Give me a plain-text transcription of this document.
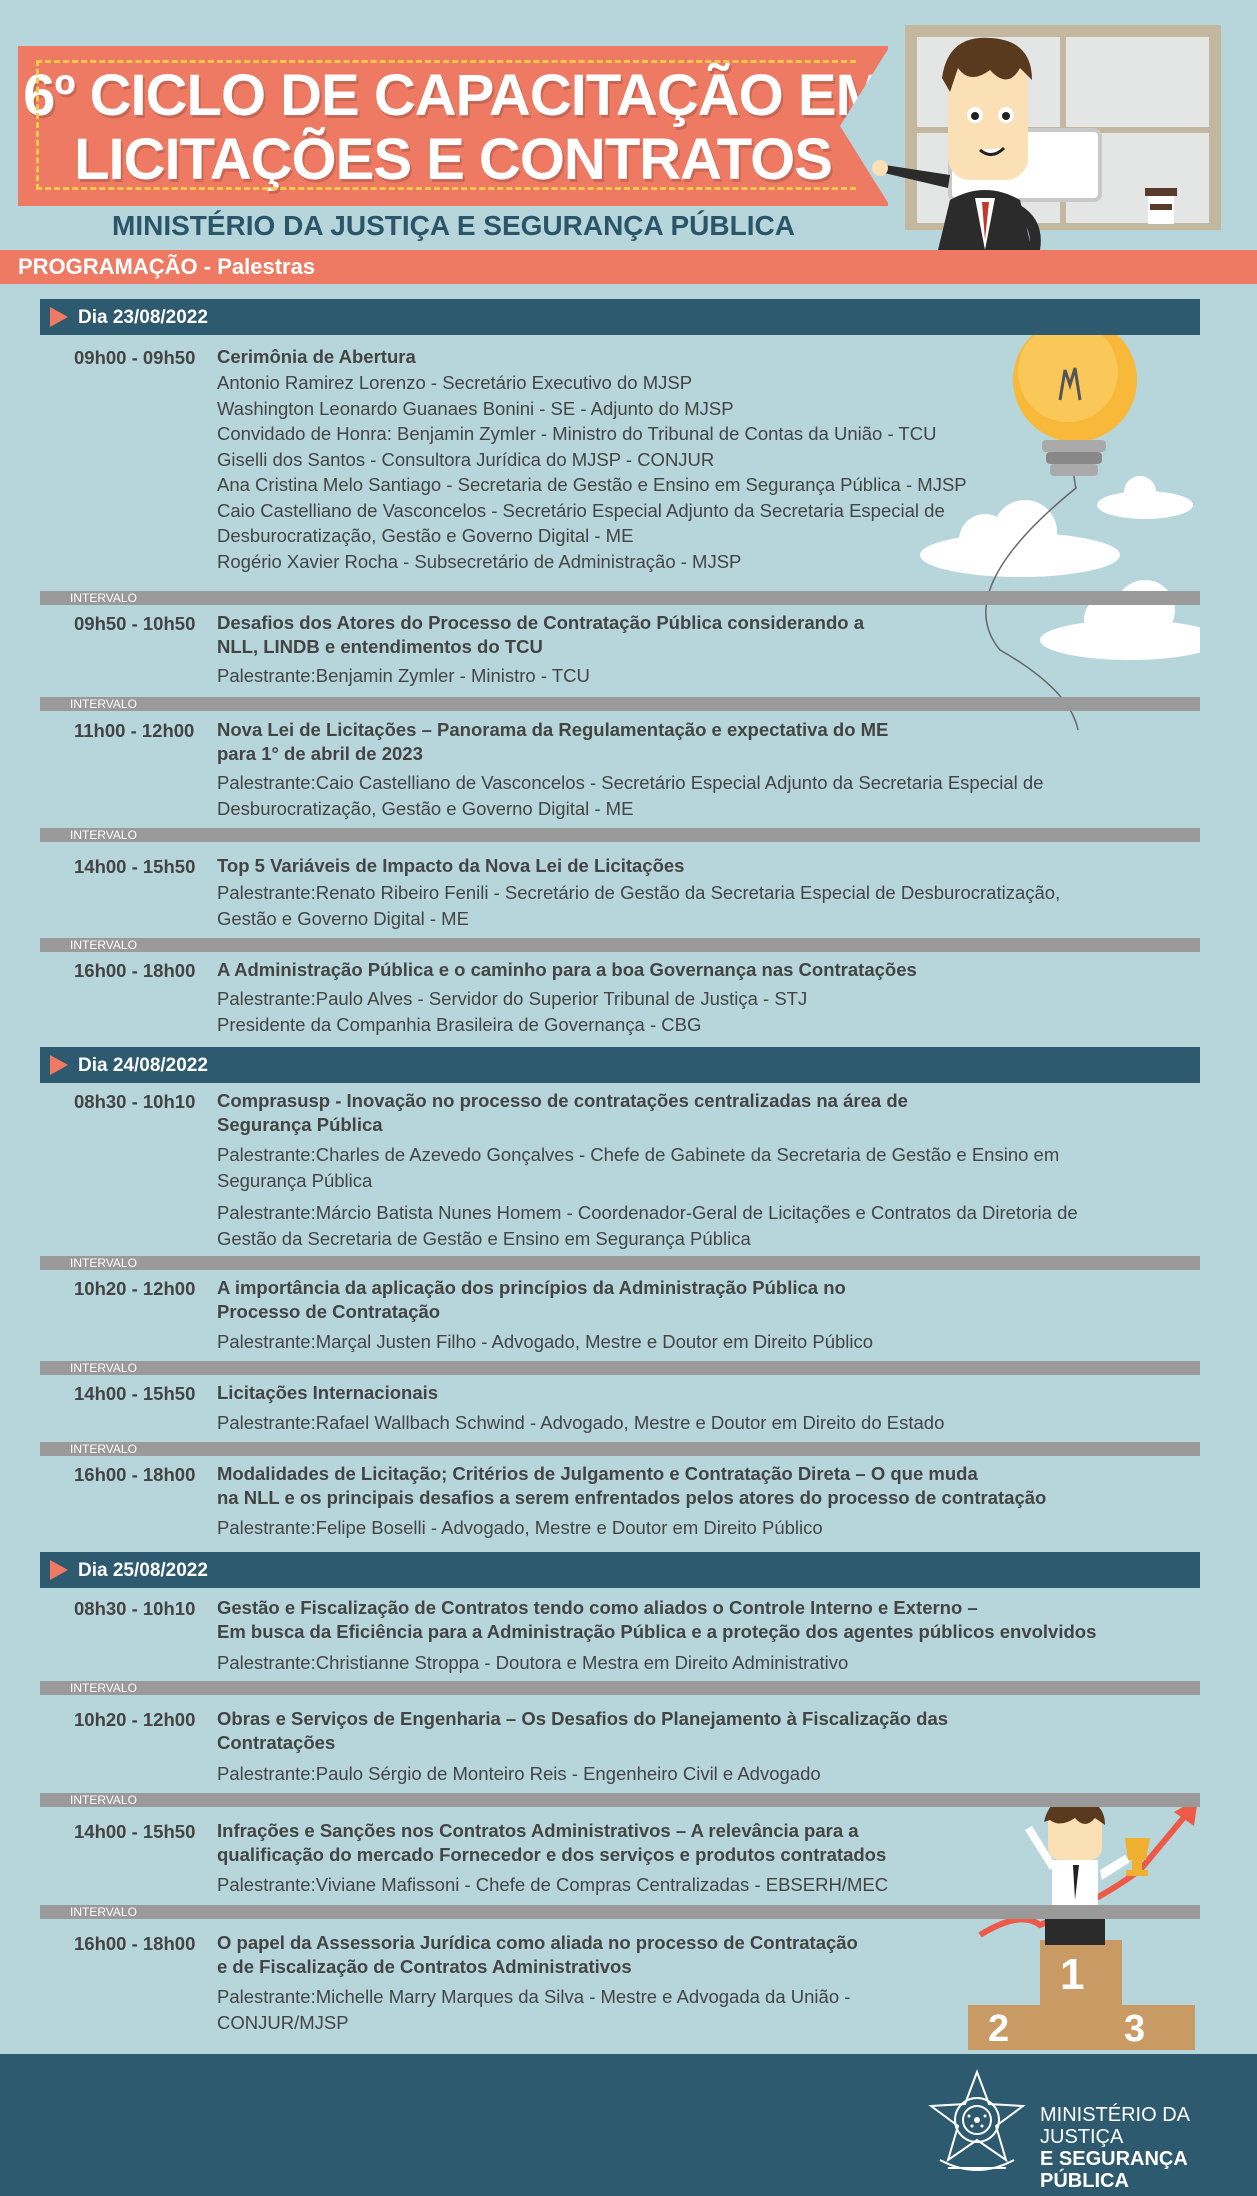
6º CICLO DE CAPACITAÇÃO EM
LICITAÇÕES E CONTRATOS
MINISTÉRIO DA JUSTIÇA E SEGURANÇA PÚBLICA
PROGRAMAÇÃO - Palestras
1
2	3
Dia 23/08/2022
09h00 - 09h50 Cerimônia de Abertura
Antonio Ramirez Lorenzo - Secretário Executivo do MJSP
Washington Leonardo Guanaes Bonini - SE - Adjunto do MJSP
Convidado de Honra: Benjamin Zymler - Ministro do Tribunal de Contas da União - TCU
Giselli dos Santos - Consultora Jurídica do MJSP - CONJUR
Ana Cristina Melo Santiago - Secretaria de Gestão e Ensino em Segurança Pública - MJSP
Caio Castelliano de Vasconcelos - Secretário Especial Adjunto da Secretaria Especial de
Desburocratização, Gestão e Governo Digital - ME
Rogério Xavier Rocha - Subsecretário de Administração - MJSP
INTERVALO
09h50 - 10h50 Desafios dos Atores do Processo de Contratação Pública considerando a
NLL, LINDB e entendimentos do TCU
Palestrante:Benjamin Zymler - Ministro - TCU
INTERVALO
11h00 - 12h00 Nova Lei de Licitações – Panorama da Regulamentação e expectativa do ME
para 1° de abril de 2023
Palestrante:Caio Castelliano de Vasconcelos - Secretário Especial Adjunto da Secretaria Especial de
Desburocratização, Gestão e Governo Digital - ME
INTERVALO
14h00 - 15h50 Top 5 Variáveis de Impacto da Nova Lei de Licitações
Palestrante:Renato Ribeiro Fenili - Secretário de Gestão da Secretaria Especial de Desburocratização,
Gestão e Governo Digital - ME
INTERVALO
16h00 - 18h00 A Administração Pública e o caminho para a boa Governança nas Contratações
Palestrante:Paulo Alves - Servidor do Superior Tribunal de Justiça - STJ
Presidente da Companhia Brasileira de Governança - CBG
Dia 24/08/2022
08h30 - 10h10 Comprasusp - Inovação no processo de contratações centralizadas na área de
Segurança Pública
Palestrante:Charles de Azevedo Gonçalves - Chefe de Gabinete da Secretaria de Gestão e Ensino em
Segurança Pública
Palestrante:Márcio Batista Nunes Homem - Coordenador-Geral de Licitações e Contratos da Diretoria de
Gestão da Secretaria de Gestão e Ensino em Segurança Pública
INTERVALO
10h20 - 12h00 A importância da aplicação dos princípios da Administração Pública no
Processo de Contratação
Palestrante:Marçal Justen Filho - Advogado, Mestre e Doutor em Direito Público
INTERVALO
14h00 - 15h50 Licitações Internacionais
Palestrante:Rafael Wallbach Schwind - Advogado, Mestre e Doutor em Direito do Estado
INTERVALO
16h00 - 18h00 Modalidades de Licitação; Critérios de Julgamento e Contratação Direta – O que muda
na NLL e os principais desafios a serem enfrentados pelos atores do processo de contratação
Palestrante:Felipe Boselli - Advogado, Mestre e Doutor em Direito Público
Dia 25/08/2022
08h30 - 10h10 Gestão e Fiscalização de Contratos tendo como aliados o Controle Interno e Externo –
Em busca da Eficiência para a Administração Pública e a proteção dos agentes públicos envolvidos
Palestrante:Christianne Stroppa - Doutora e Mestra em Direito Administrativo
INTERVALO
10h20 - 12h00 Obras e Serviços de Engenharia – Os Desafios do Planejamento à Fiscalização das
Contratações
Palestrante:Paulo Sérgio de Monteiro Reis - Engenheiro Civil e Advogado
INTERVALO
14h00 - 15h50 Infrações e Sanções nos Contratos Administrativos – A relevância para a
qualificação do mercado Fornecedor e dos serviços e produtos contratados
Palestrante:Viviane Mafissoni - Chefe de Compras Centralizadas - EBSERH/MEC
INTERVALO
16h00 - 18h00 O papel da Assessoria Jurídica como aliada no processo de Contratação
e de Fiscalização de Contratos Administrativos
Palestrante:Michelle Marry Marques da Silva - Mestre e Advogada da União -
CONJUR/MJSP
MINISTÉRIO DA JUSTIÇA
E SEGURANÇA PÚBLICA
